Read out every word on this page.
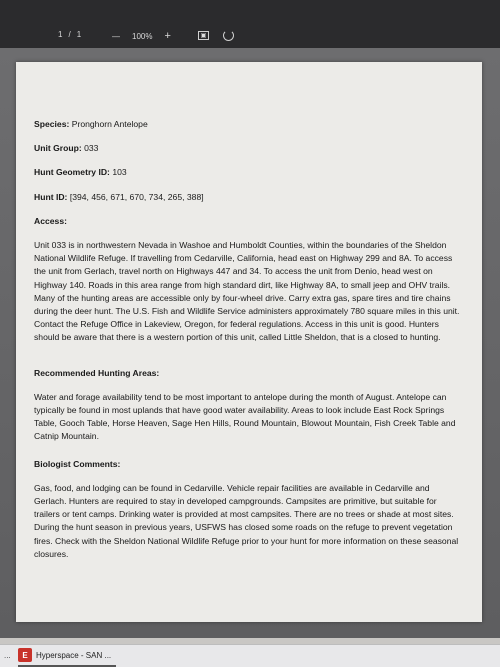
1 / 1	— 100% +	▣
Species: Pronghorn Antelope
Unit Group: 033
Hunt Geometry ID: 103
Hunt ID: [394, 456, 671, 670, 734, 265, 388]
Access:
Unit 033 is in northwestern Nevada in Washoe and Humboldt Counties, within the boundaries of the Sheldon National Wildlife Refuge. If travelling from Cedarville, California, head east on Highway 299 and 8A. To access the unit from Gerlach, travel north on Highways 447 and 34. To access the unit from Denio, head west on Highway 140. Roads in this area range from high standard dirt, like Highway 8A, to small jeep and OHV trails. Many of the hunting areas are accessible only by four-wheel drive. Carry extra gas, spare tires and tire chains during the deer hunt. The U.S. Fish and Wildlife Service administers approximately 780 square miles in this unit. Contact the Refuge Office in Lakeview, Oregon, for federal regulations. Access in this unit is good. Hunters should be aware that there is a western portion of this unit, called Little Sheldon, that is a closed to hunting.
Recommended Hunting Areas:
Water and forage availability tend to be most important to antelope during the month of August. Antelope can typically be found in most uplands that have good water availability. Areas to look include East Rock Springs Table, Gooch Table, Horse Heaven, Sage Hen Hills, Round Mountain, Blowout Mountain, Fish Creek Table and Catnip Mountain.
Biologist Comments:
Gas, food, and lodging can be found in Cedarville. Vehicle repair facilities are available in Cedarville and Gerlach. Hunters are required to stay in developed campgrounds. Campsites are primitive, but suitable for trailers or tent camps. Drinking water is provided at most campsites. There are no trees or shade at most sites. During the hunt season in previous years, USFWS has closed some roads on the refuge to prevent vegetation fires. Check with the Sheldon National Wildlife Refuge prior to your hunt for more information on these seasonal closures.
...	E	Hyperspace - SAN ...
